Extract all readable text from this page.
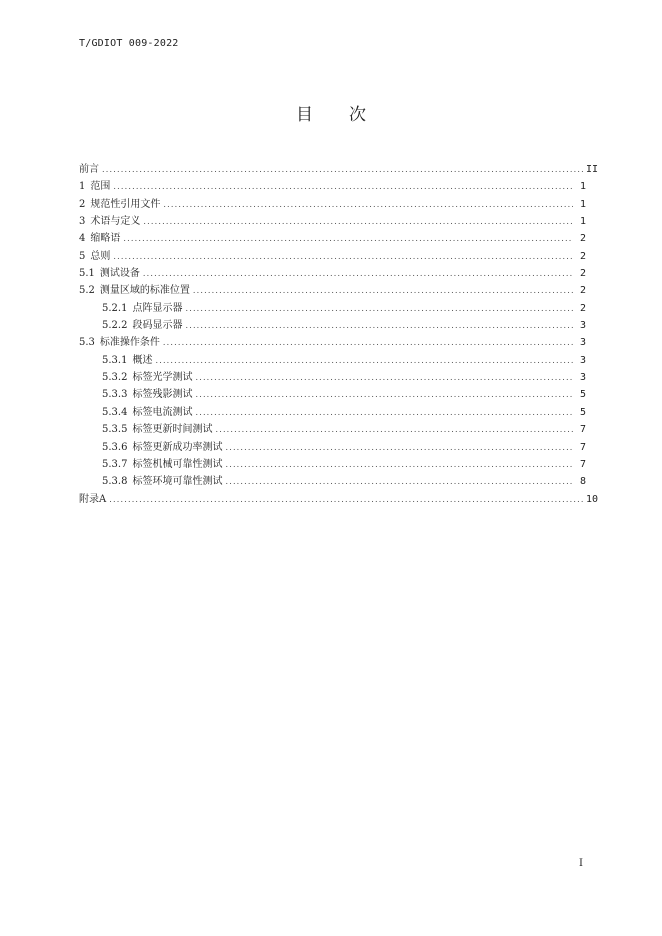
T/GDIOT 009-2022
目 次
前言 .....	II
1 范围 .....	1
2 规范性引用文件 .....	1
3 术语与定义 .....	1
4 缩略语 .....	2
5 总则 .....	2
5.1 测试设备 .....	2
5.2 测量区域的标准位置 .....	2
5.2.1 点阵显示器 .....	2
5.2.2 段码显示器 .....	3
5.3 标准操作条件 .....	3
5.3.1 概述 .....	3
5.3.2 标签光学测试 .....	3
5.3.3 标签残影测试 .....	5
5.3.4 标签电流测试 .....	5
5.3.5 标签更新时间测试 .....	7
5.3.6 标签更新成功率测试 .....	7
5.3.7 标签机械可靠性测试 .....	7
5.3.8 标签环境可靠性测试 .....	8
附录A .....	10
I
